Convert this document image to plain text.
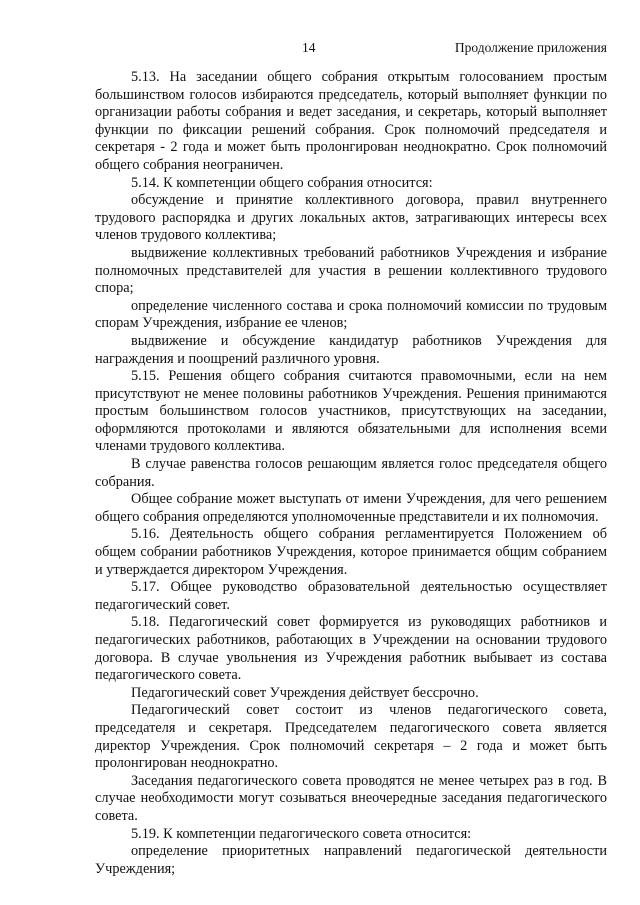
14	Продолжение приложения

5.13. На заседании общего собрания открытым голосованием простым большинством голосов избираются председатель, который выполняет функции по организации работы собрания и ведет заседания, и секретарь, который выполняет функции по фиксации решений собрания. Срок полномочий председателя и секретаря - 2 года и может быть пролонгирован неоднократно. Срок полномочий общего собрания неограничен.

5.14. К компетенции общего собрания относится:

обсуждение и принятие коллективного договора, правил внутреннего трудового распорядка и других локальных актов, затрагивающих интересы всех членов трудового коллектива;

выдвижение коллективных требований работников Учреждения и избрание полномочных представителей для участия в решении коллективного трудового спора;

определение численного состава и срока полномочий комиссии по трудовым спорам Учреждения, избрание ее членов;

выдвижение и обсуждение кандидатур работников Учреждения для награждения и поощрений различного уровня.

5.15. Решения общего собрания считаются правомочными, если на нем присутствуют не менее половины работников Учреждения. Решения принимаются простым большинством голосов участников, присутствующих на заседании, оформляются протоколами и являются обязательными для исполнения всеми членами трудового коллектива.

В случае равенства голосов решающим является голос председателя общего собрания.

Общее собрание может выступать от имени Учреждения, для чего решением общего собрания определяются уполномоченные представители и их полномочия.

5.16. Деятельность общего собрания регламентируется Положением об общем собрании работников Учреждения, которое принимается общим собранием и утверждается директором Учреждения.

5.17. Общее руководство образовательной деятельностью осуществляет педагогический совет.

5.18. Педагогический совет формируется из руководящих работников и педагогических работников, работающих в Учреждении на основании трудового договора. В случае увольнения из Учреждения работник выбывает из состава педагогического совета.

Педагогический совет Учреждения действует бессрочно.

Педагогический совет состоит из членов педагогического совета, председателя и секретаря. Председателем педагогического совета является директор Учреждения. Срок полномочий секретаря – 2 года и может быть пролонгирован неоднократно.

Заседания педагогического совета проводятся не менее четырех раз в год. В случае необходимости могут созываться внеочередные заседания педагогического совета.

5.19. К компетенции педагогического совета относится:

определение приоритетных направлений педагогической деятельности Учреждения;
